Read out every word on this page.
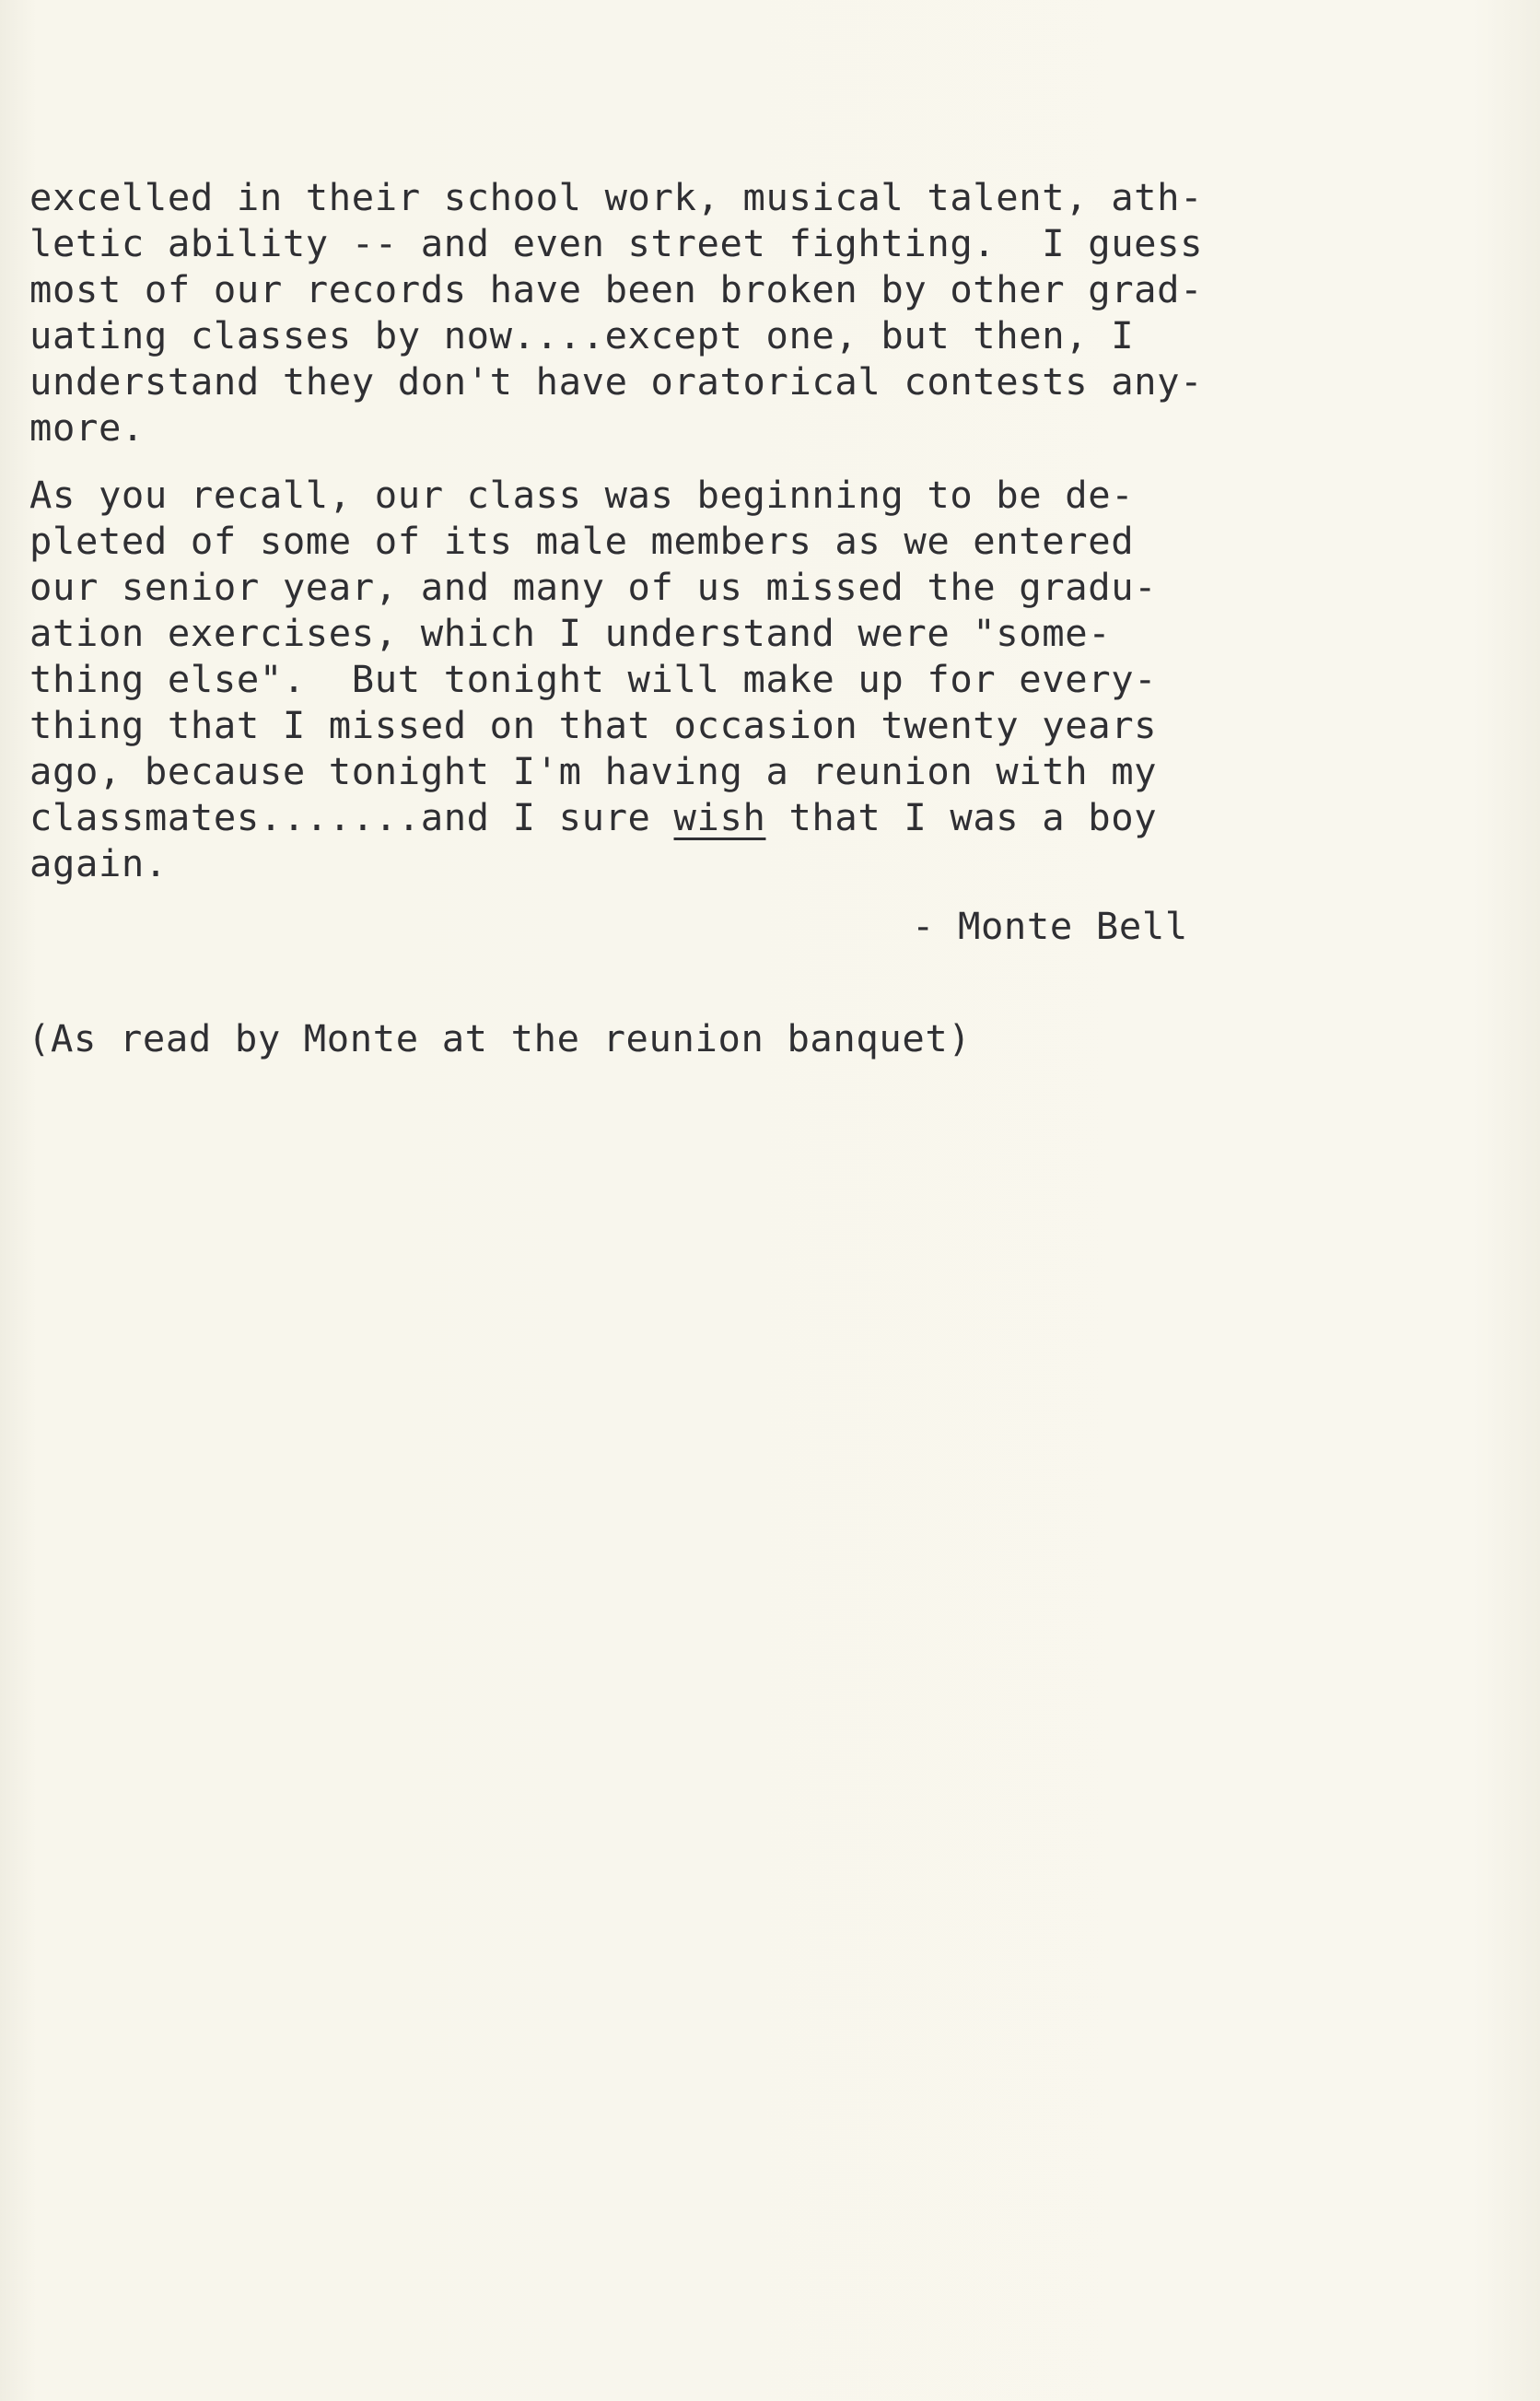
excelled in their school work, musical talent, ath-
letic ability -- and even street fighting.  I guess
most of our records have been broken by other grad-
uating classes by now....except one, but then, I
understand they don't have oratorical contests any-
more.
As you recall, our class was beginning to be de-
pleted of some of its male members as we entered
our senior year, and many of us missed the gradu-
ation exercises, which I understand were "some-
thing else".  But tonight will make up for every-
thing that I missed on that occasion twenty years
ago, because tonight I'm having a reunion with my
classmates.......and I sure wish that I was a boy
again.
- Monte Bell
(As read by Monte at the reunion banquet)
